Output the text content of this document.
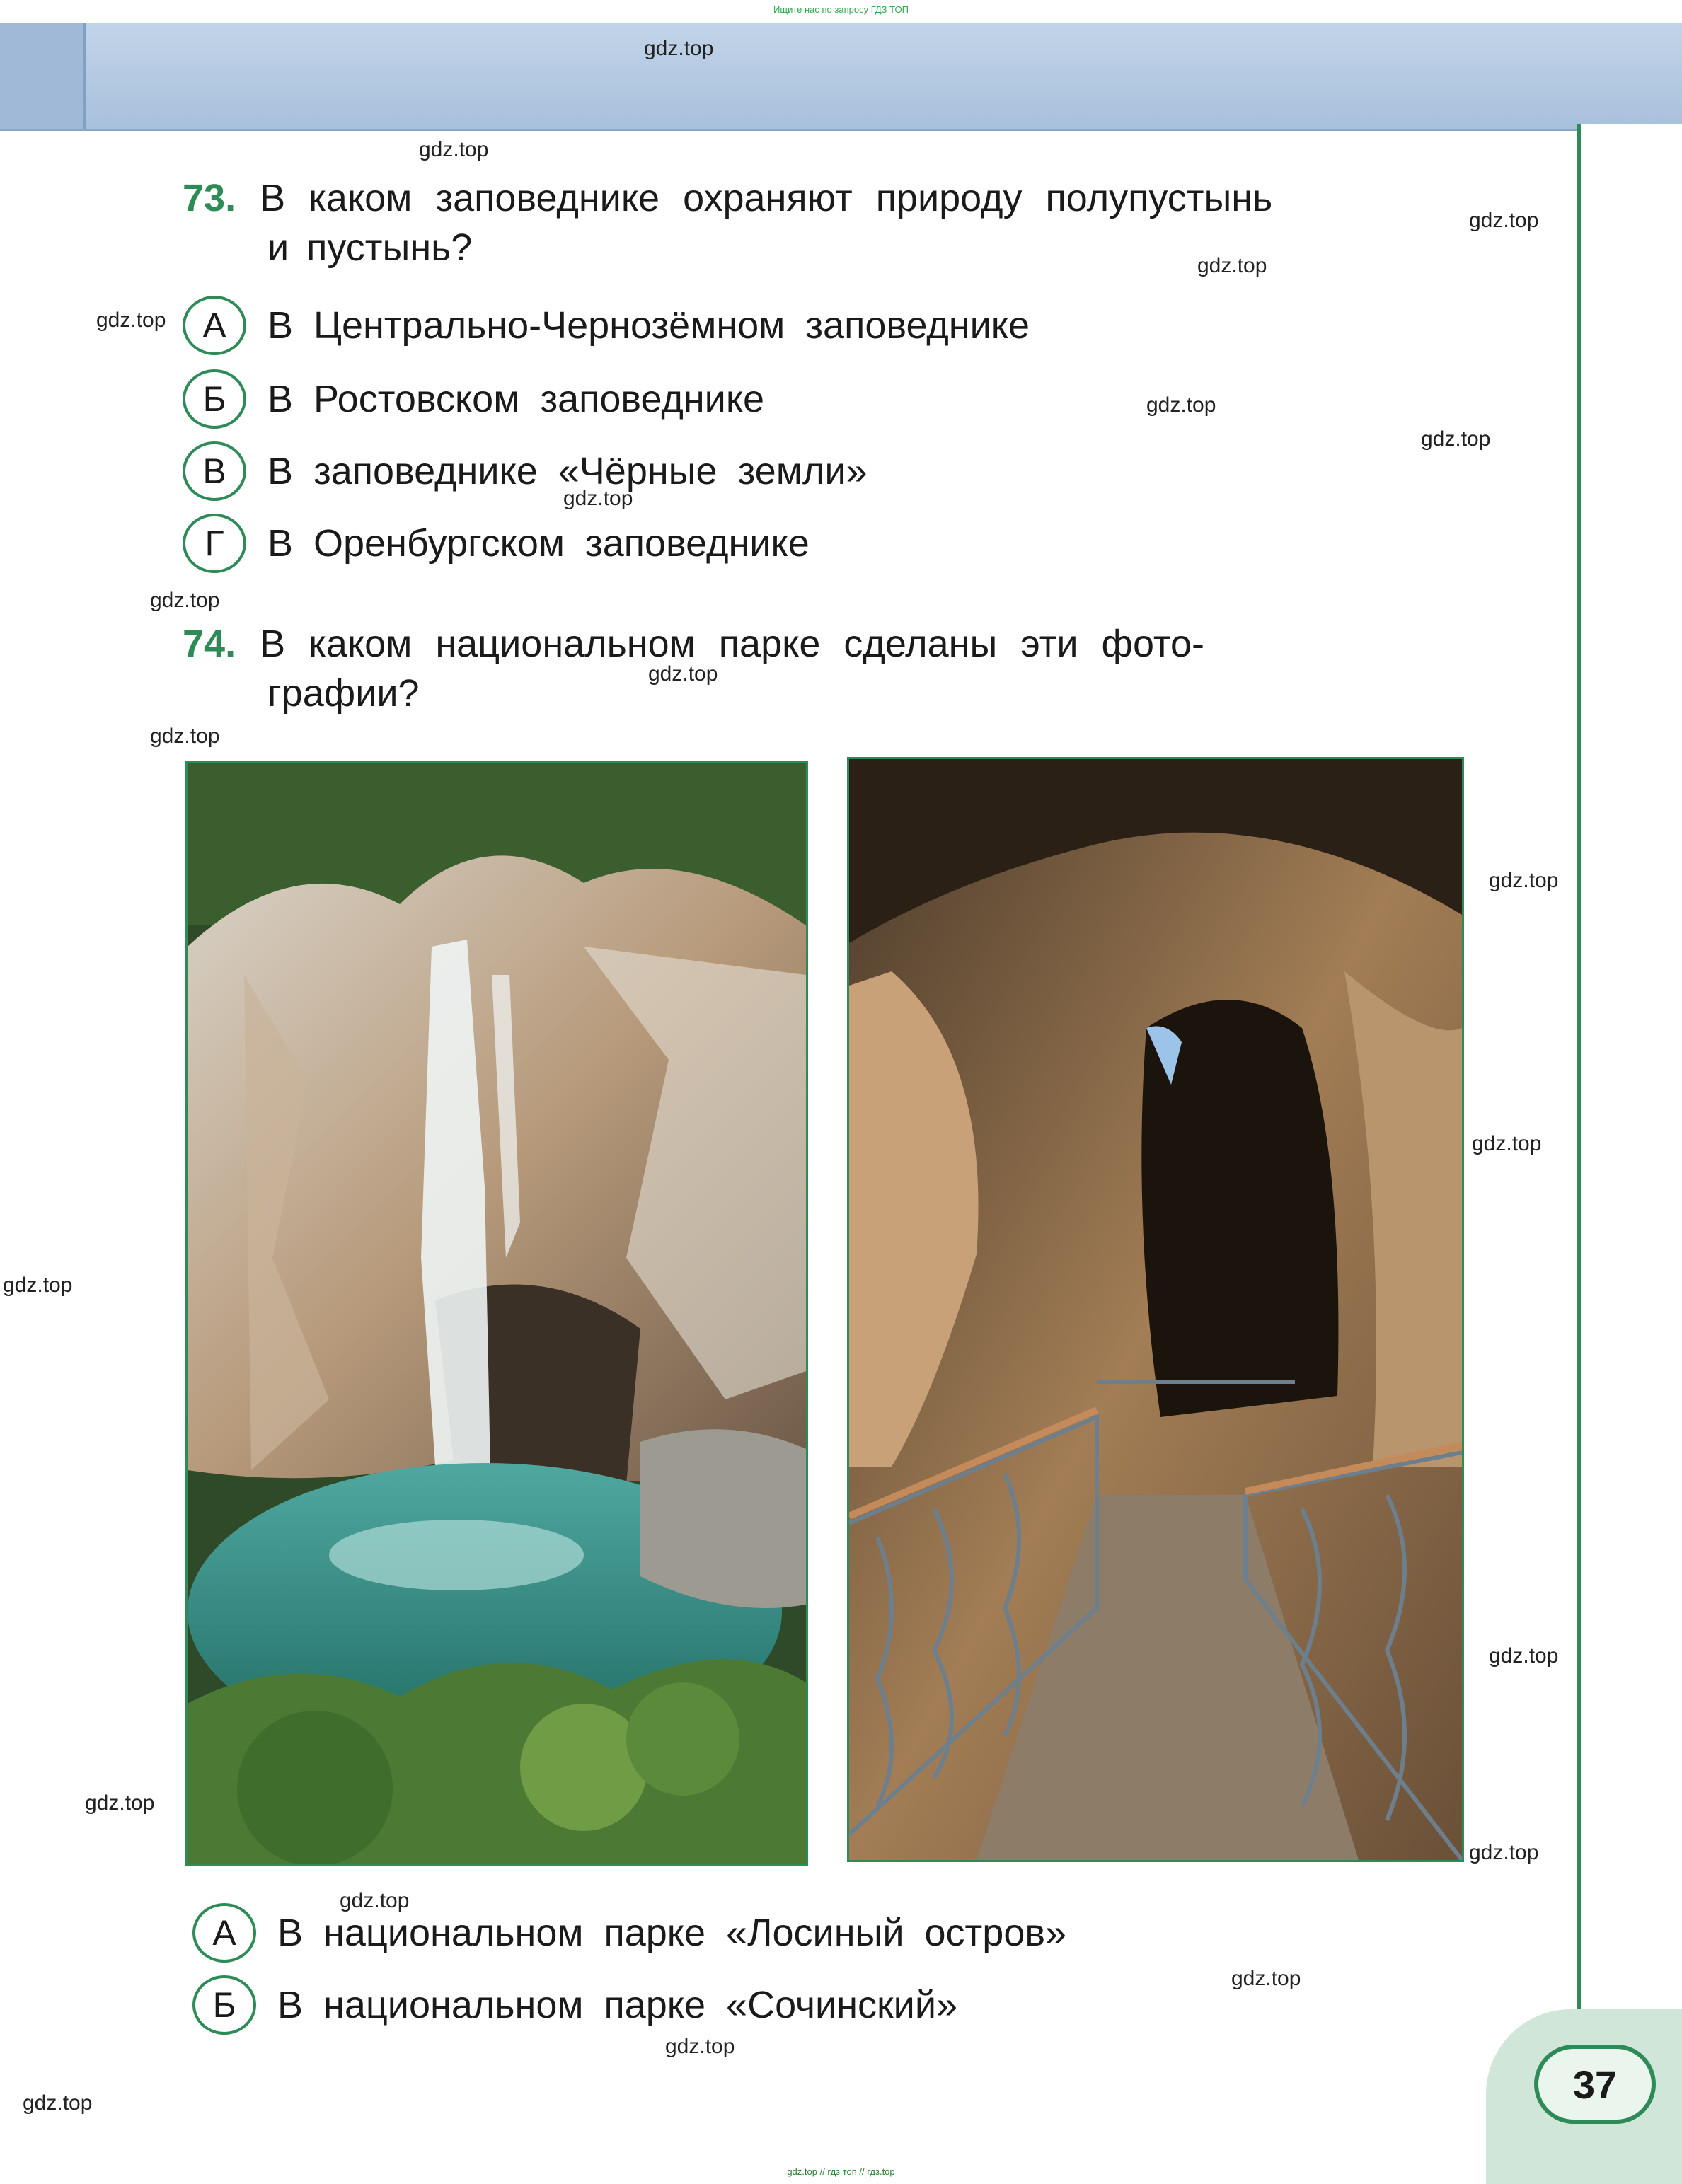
Ищите нас по запросу ГДЗ ТОП
73. В каком заповеднике охраняют природу полупустынь
и пустынь?
А	В Центрально-Чернозёмном заповеднике
Б	В Ростовском заповеднике
В	В заповеднике «Чёрные земли»
Г	В Оренбургском заповеднике
74. В каком национальном парке сделаны эти фото-
графии?
А	В национальном парке «Лосиный остров»
Б	В национальном парке «Сочинский»
37
gdz.top
gdz.top
gdz.top
gdz.top
gdz.top
gdz.top
gdz.top
gdz.top
gdz.top
gdz.top
gdz.top
gdz.top
gdz.top
gdz.top
gdz.top
gdz.top
gdz.top
gdz.top
gdz.top
gdz.top
gdz.top
gdz.top // гдз топ // гдз.top
